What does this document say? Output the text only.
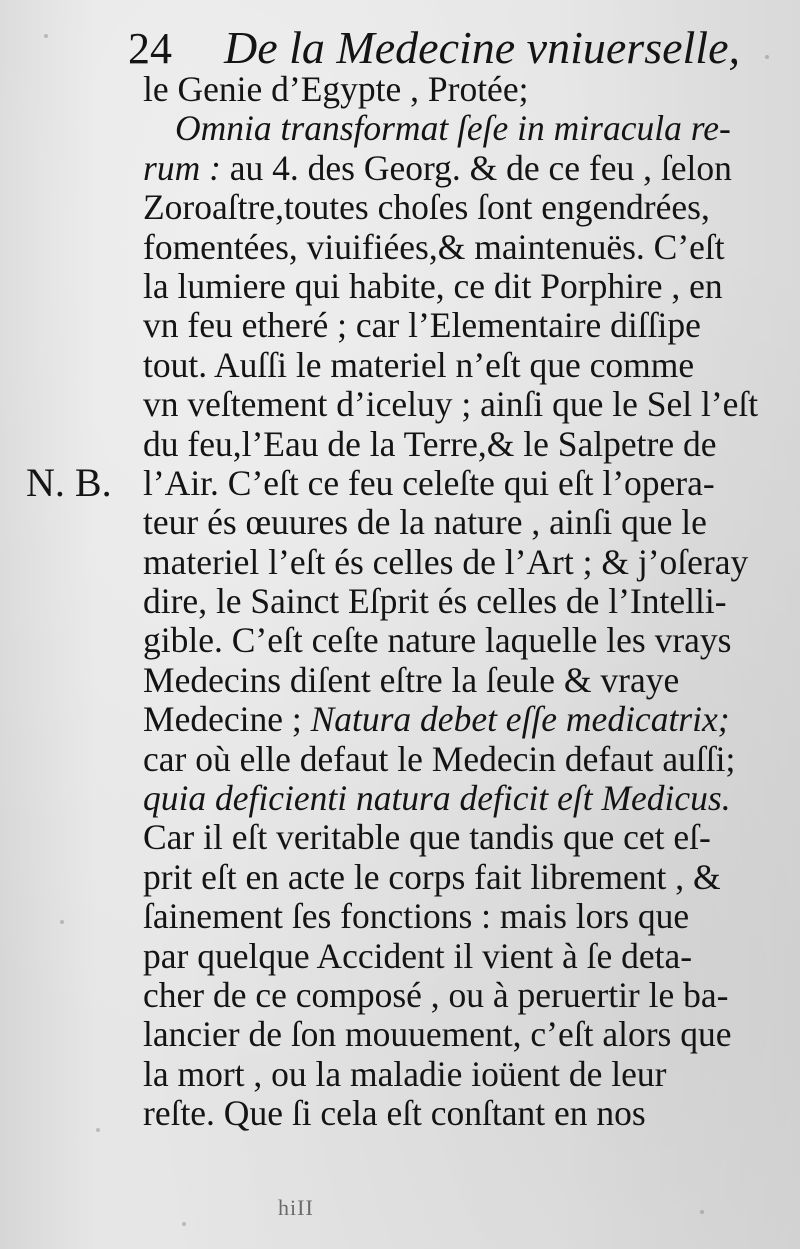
24 De la Medecine vniuerselle,
N. B.
le Genie d’Egypte , Protée;
Omnia transformat ſeſe in miracula re-
rum : au 4. des Georg. & de ce feu , ſelon
Zoroaſtre,toutes choſes ſont engendrées,
fomentées, viuifiées,& maintenuës. C’eſt
la lumiere qui habite, ce dit Porphire , en
vn feu etheré ; car l’Elementaire diſſipe
tout. Auſſi le materiel n’eſt que comme
vn veſtement d’iceluy ; ainſi que le Sel l’eſt
du feu,l’Eau de la Terre,& le Salpetre de
l’Air. C’eſt ce feu celeſte qui eſt l’opera-
teur és œuures de la nature , ainſi que le
materiel l’eſt és celles de l’Art ; & j’oſeray
dire, le Sainct Eſprit és celles de l’Intelli-
gible. C’eſt ceſte nature laquelle les vrays
Medecins diſent eſtre la ſeule & vraye
Medecine ; Natura debet eſſe medicatrix;
car où elle defaut le Medecin defaut auſſi;
quia deficienti natura deficit eſt Medicus.
Car il eſt veritable que tandis que cet eſ-
prit eſt en acte le corps fait librement , &
ſainement ſes fonctions : mais lors que
par quelque Accident il vient à ſe deta-
cher de ce composé , ou à peruertir le ba-
lancier de ſon mouuement, c’eſt alors que
la mort , ou la maladie ioüent de leur
reſte. Que ſi cela eſt conſtant en nos
hiII
